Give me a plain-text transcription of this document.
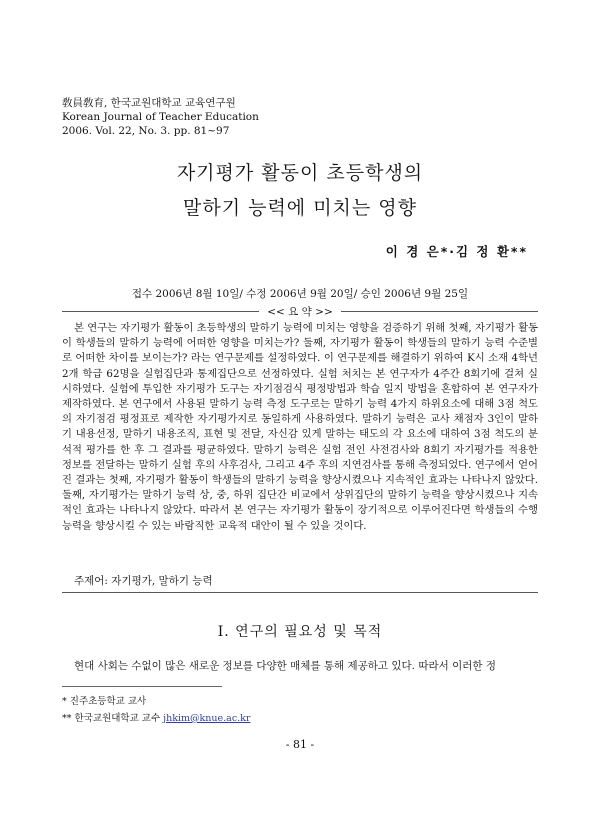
敎員敎育, 한국교원대학교 교육연구원
Korean Journal of Teacher Education
2006. Vol. 22, No. 3. pp. 81~97
자기평가 활동이 초등학생의
말하기 능력에 미치는 영향
이 경 은*·김 정 환**
접수 2006년 8월 10일/ 수정 2006년 9월 20일/ 승인 2006년 9월 25일
<< 요 약 >>

본 연구는 자기평가 활동이 초등학생의 말하기 능력에 미치는 영향을 검증하기 위해 첫째, 자기평가 활동이 학생들의 말하기 능력에 어떠한 영향을 미치는가? 둘째, 자기평가 활동이 학생들의 말하기 능력 수준별로 어떠한 차이를 보이는가? 라는 연구문제를 설정하였다. 이 연구문제를 해결하기 위하여 K시 소재 4학년 2개 학급 62명을 실험집단과 통제집단으로 선정하였다. 실험 처치는 본 연구자가 4주간 8회기에 걸쳐 실시하였다. 실험에 투입한 자기평가 도구는 자기점검식 평정방법과 학습 일지 방법을 혼합하여 본 연구자가 제작하였다. 본 연구에서 사용된 말하기 능력 측정 도구로는 말하기 능력 4가지 하위요소에 대해 3점 척도의 자기점검 평정표로 제작한 자기평가지로 동일하게 사용하였다. 말하기 능력은 교사 채점자 3인이 말하기 내용선정, 말하기 내용조직, 표현 및 전달, 자신감 있게 말하는 태도의 각 요소에 대하여 3점 척도의 분석적 평가를 한 후 그 결과를 평균하였다. 말하기 능력은 실험 전인 사전검사와 8회기 자기평가를 적용한 정보를 전달하는 말하기 실험 후의 사후검사, 그리고 4주 후의 지연검사를 통해 측정되었다. 연구에서 얻어진 결과는 첫째, 자기평가 활동이 학생들의 말하기 능력을 향상시켰으나 지속적인 효과는 나타나지 않았다. 둘째, 자기평가는 말하기 능력 상, 중, 하위 집단간 비교에서 상위집단의 말하기 능력을 향상시켰으나 지속적인 효과는 나타나지 않았다. 따라서 본 연구는 자기평가 활동이 장기적으로 이루어진다면 학생들의 수행능력을 향상시킬 수 있는 바람직한 교육적 대안이 될 수 있을 것이다.

주제어: 자기평가, 말하기 능력
Ⅰ. 연구의 필요성 및 목적
현대 사회는 수없이 많은 새로운 정보를 다양한 매체를 통해 제공하고 있다. 따라서 이러한 정
* 진주초등학교 교사
** 한국교원대학교 교수 jhkim@knue.ac.kr
- 81 -
